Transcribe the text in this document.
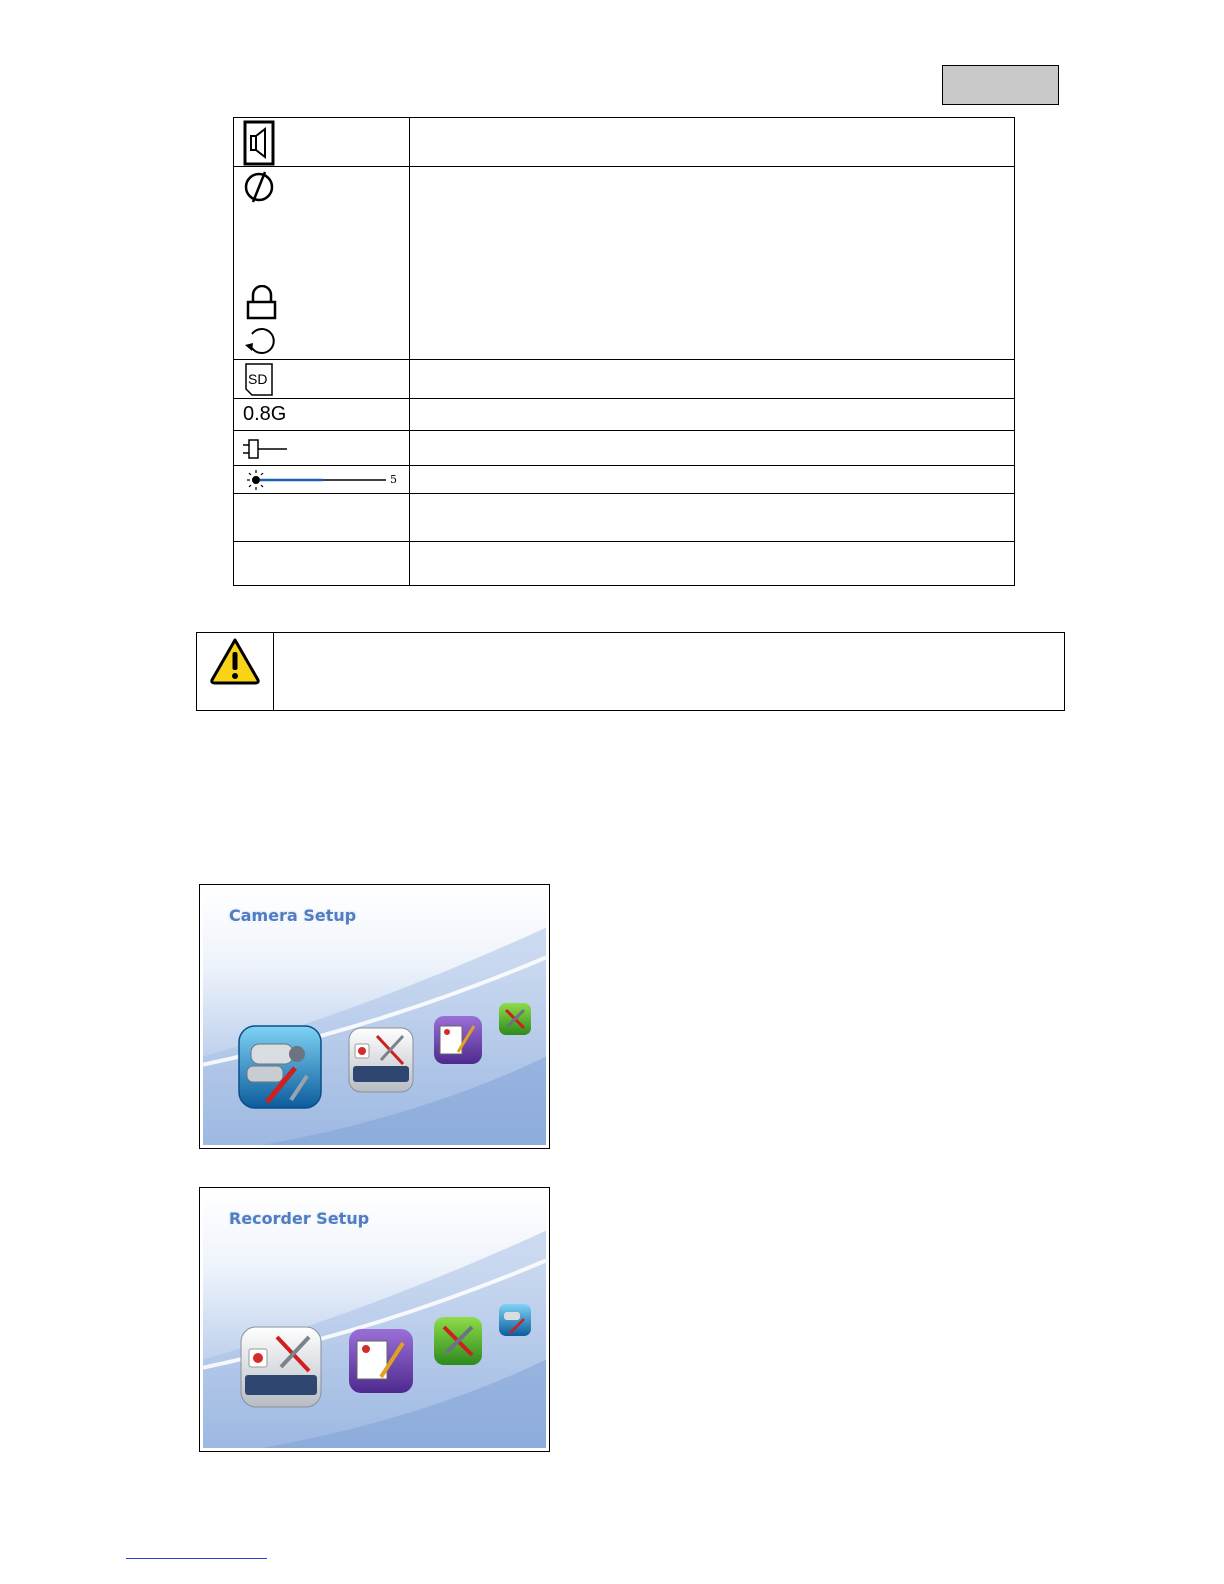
SD	

0.8G	

5	

Camera Setup
Recorder Setup
